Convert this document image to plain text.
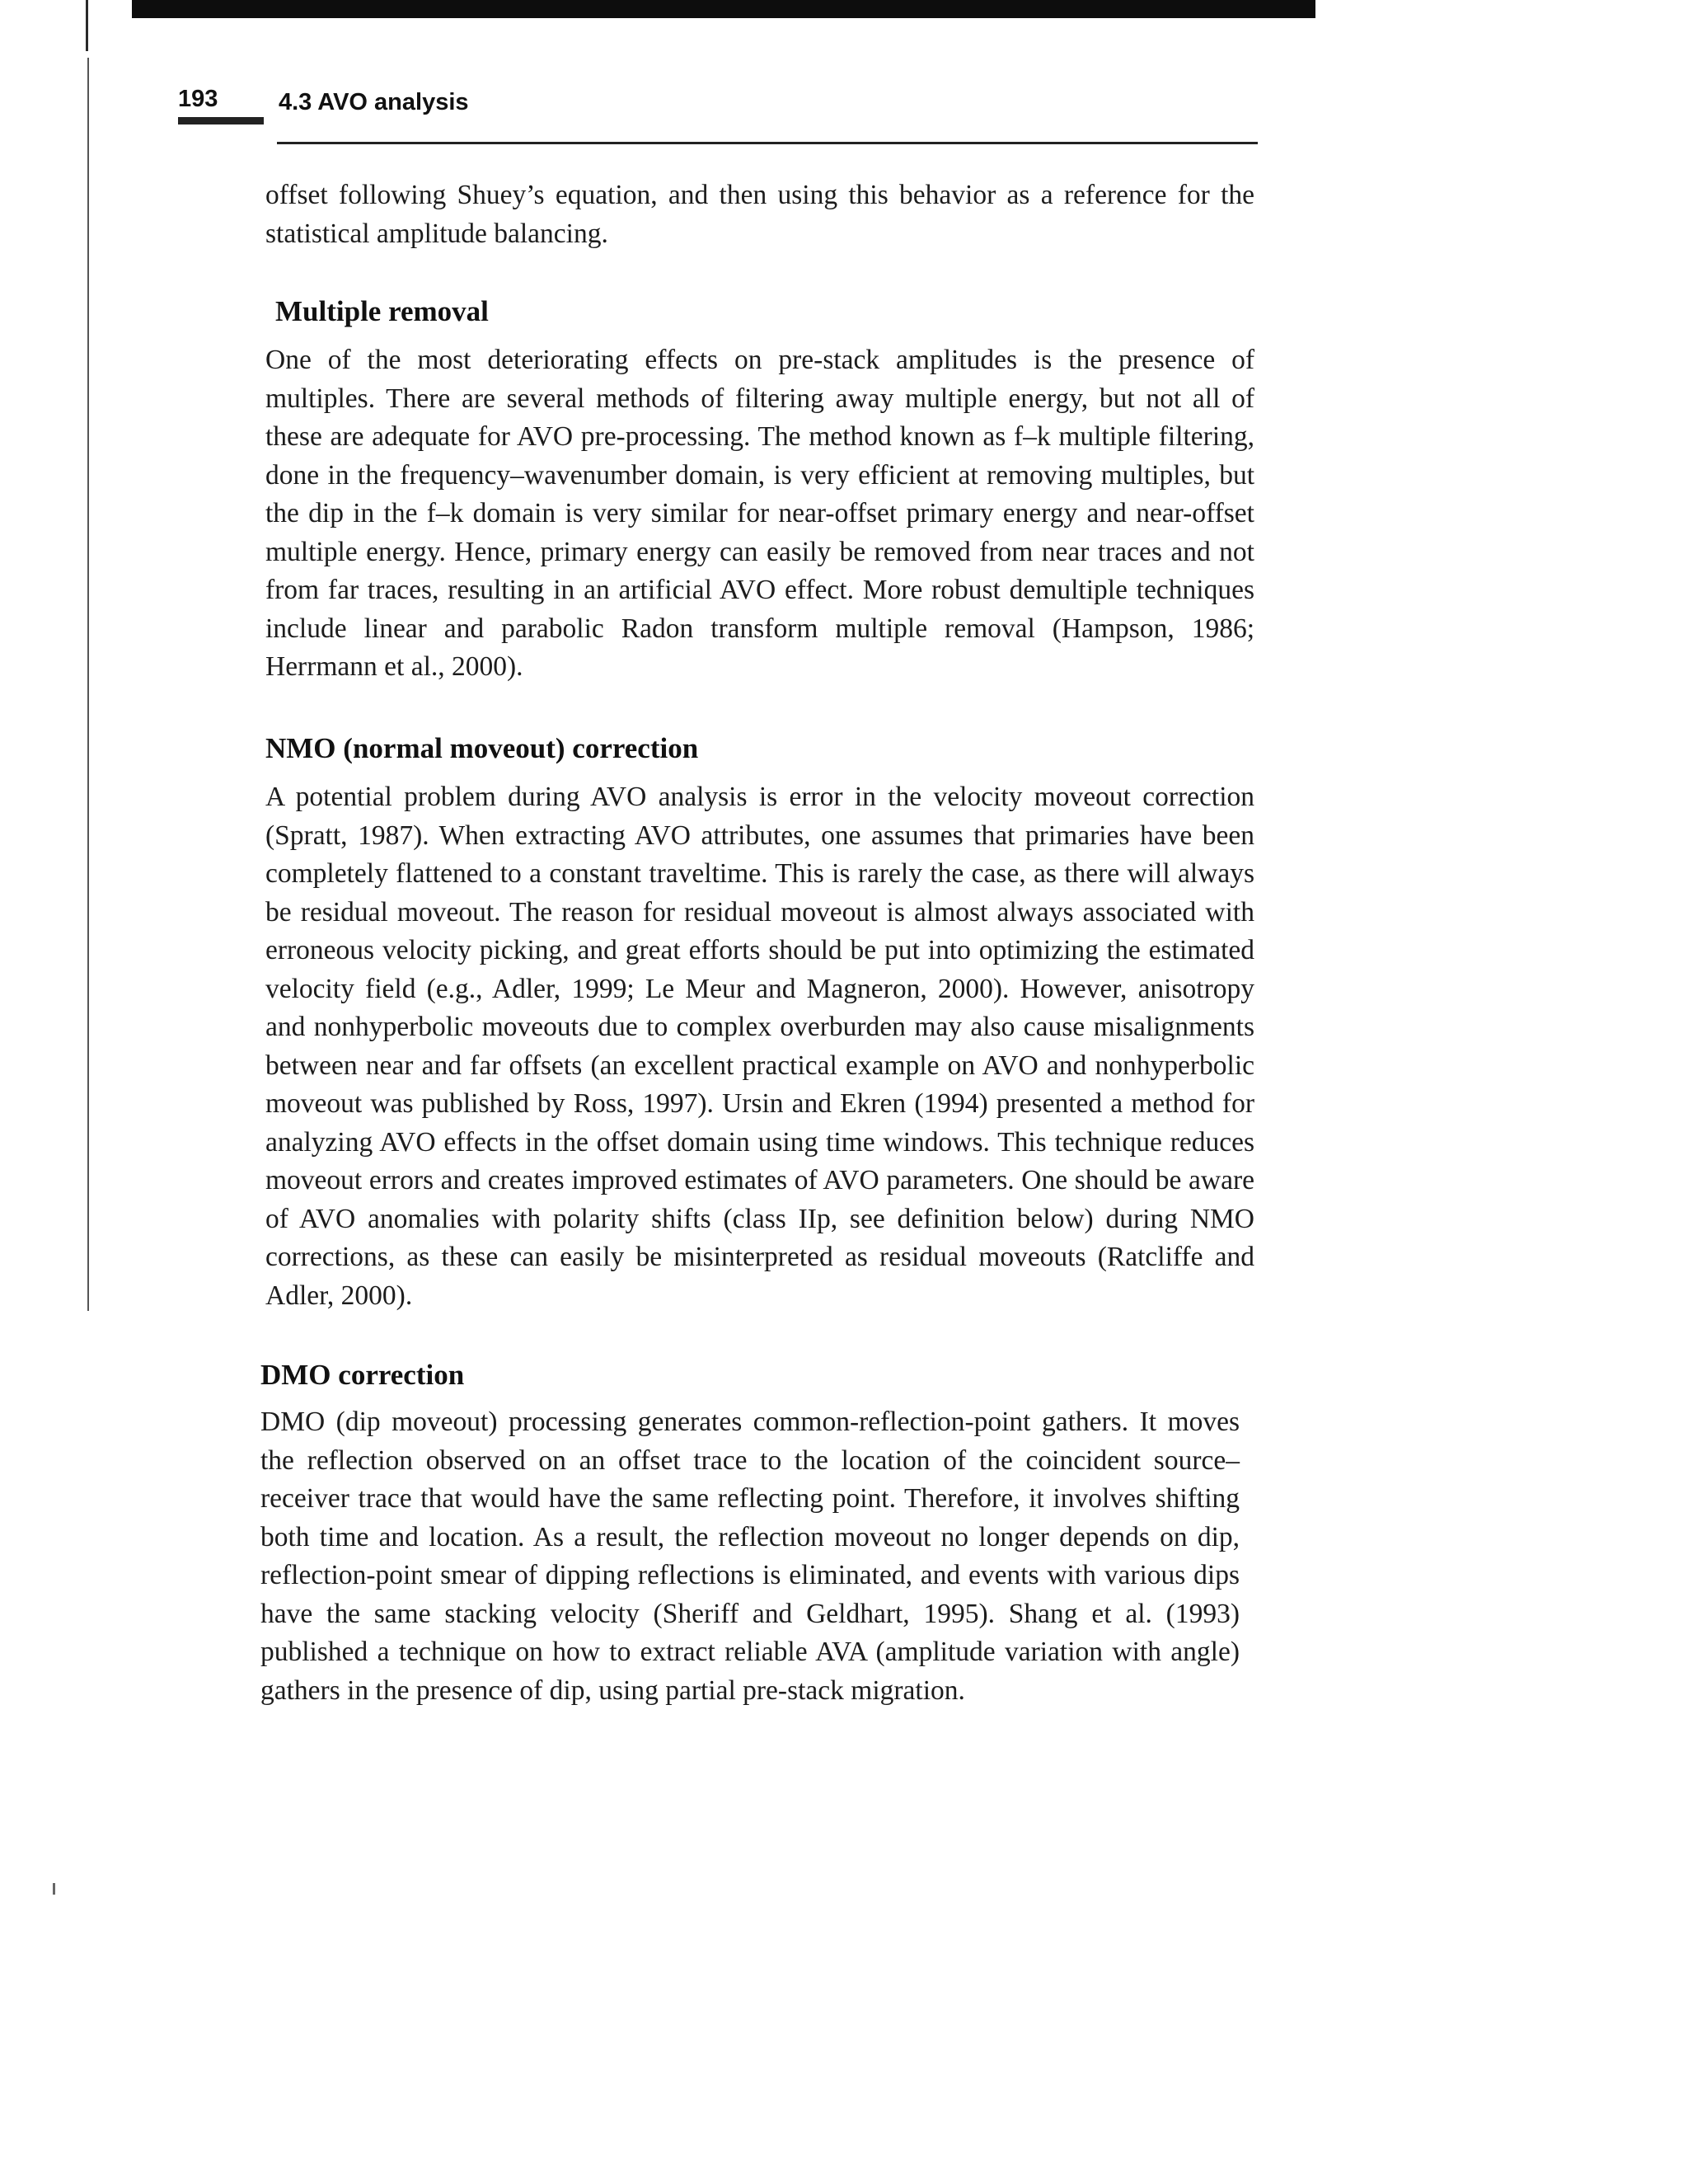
193	4.3 AVO analysis
offset following Shuey’s equation, and then using this behavior as a reference for the statistical amplitude balancing.
Multiple removal
One of the most deteriorating effects on pre-stack amplitudes is the presence of multiples. There are several methods of filtering away multiple energy, but not all of these are adequate for AVO pre-processing. The method known as f–k multiple filtering, done in the frequency–wavenumber domain, is very efficient at removing multiples, but the dip in the f–k domain is very similar for near-offset primary energy and near-offset multiple energy. Hence, primary energy can easily be removed from near traces and not from far traces, resulting in an artificial AVO effect. More robust demultiple techniques include linear and parabolic Radon transform multiple removal (Hampson, 1986; Herrmann et al., 2000).
NMO (normal moveout) correction
A potential problem during AVO analysis is error in the velocity moveout correction (Spratt, 1987). When extracting AVO attributes, one assumes that primaries have been completely flattened to a constant traveltime. This is rarely the case, as there will always be residual moveout. The reason for residual moveout is almost always associated with erroneous velocity picking, and great efforts should be put into optimizing the estimated velocity field (e.g., Adler, 1999; Le Meur and Magneron, 2000). However, anisotropy and nonhyperbolic moveouts due to complex overburden may also cause misalignments between near and far offsets (an excellent practical example on AVO and nonhyperbolic moveout was published by Ross, 1997). Ursin and Ekren (1994) presented a method for analyzing AVO effects in the offset domain using time windows. This technique reduces moveout errors and creates improved estimates of AVO parameters. One should be aware of AVO anomalies with polarity shifts (class IIp, see definition below) during NMO corrections, as these can easily be misinterpreted as residual moveouts (Ratcliffe and Adler, 2000).
DMO correction
DMO (dip moveout) processing generates common-reflection-point gathers. It moves the reflection observed on an offset trace to the location of the coincident source–receiver trace that would have the same reflecting point. Therefore, it involves shifting both time and location. As a result, the reflection moveout no longer depends on dip, reflection-point smear of dipping reflections is eliminated, and events with various dips have the same stacking velocity (Sheriff and Geldhart, 1995). Shang et al. (1993) published a technique on how to extract reliable AVA (amplitude variation with angle) gathers in the presence of dip, using partial pre-stack migration.
